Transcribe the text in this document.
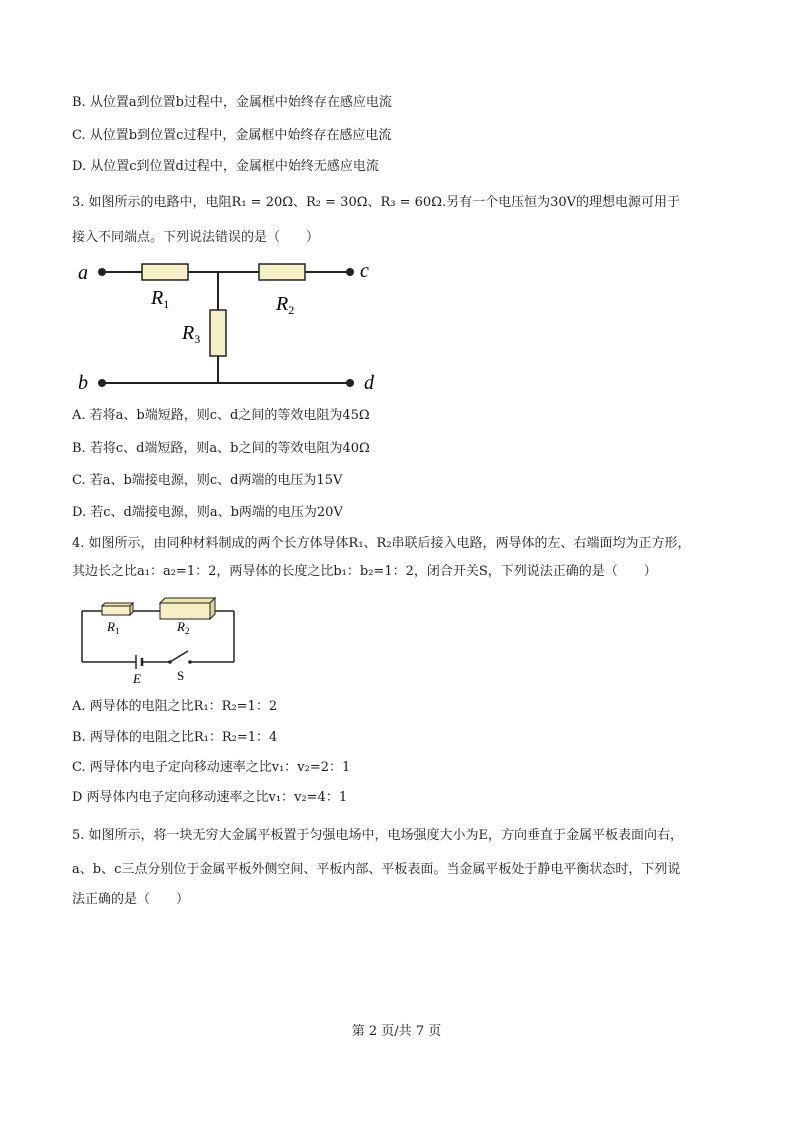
B. 从位置a到位置b过程中，金属框中始终存在感应电流
C. 从位置b到位置c过程中，金属框中始终存在感应电流
D. 从位置c到位置d过程中，金属框中始终无感应电流
3. 如图所示的电路中，电阻R₁ = 20Ω、R₂ = 30Ω、R₃ = 60Ω.另有一个电压恒为30V的理想电源可用于
接入不同端点。下列说法错误的是（　　）
a	c
b	d
$R_1$	$R_2$
$R_3$
A. 若将a、b端短路，则c、d之间的等效电阻为45Ω
B. 若将c、d端短路，则a、b之间的等效电阻为40Ω
C. 若a、b端接电源，则c、d两端的电压为15V
D. 若c、d端接电源，则a、b两端的电压为20V
4. 如图所示，由同种材料制成的两个长方体导体R₁、R₂串联后接入电路，两导体的左、右端面均为正方形，
其边长之比a₁：a₂=1：2，两导体的长度之比b₁：b₂=1：2，闭合开关S，下列说法正确的是（　　）
$R_1$	$R_2$
E	S
A. 两导体的电阻之比R₁：R₂=1：2
B. 两导体的电阻之比R₁：R₂=1：4
C. 两导体内电子定向移动速率之比v₁：v₂=2：1
D 两导体内电子定向移动速率之比v₁：v₂=4：1
5. 如图所示，将一块无穷大金属平板置于匀强电场中，电场强度大小为E，方向垂直于金属平板表面向右，
a、b、c三点分别位于金属平板外侧空间、平板内部、平板表面。当金属平板处于静电平衡状态时，下列说
法正确的是（　　）
第 2 页/共 7 页
